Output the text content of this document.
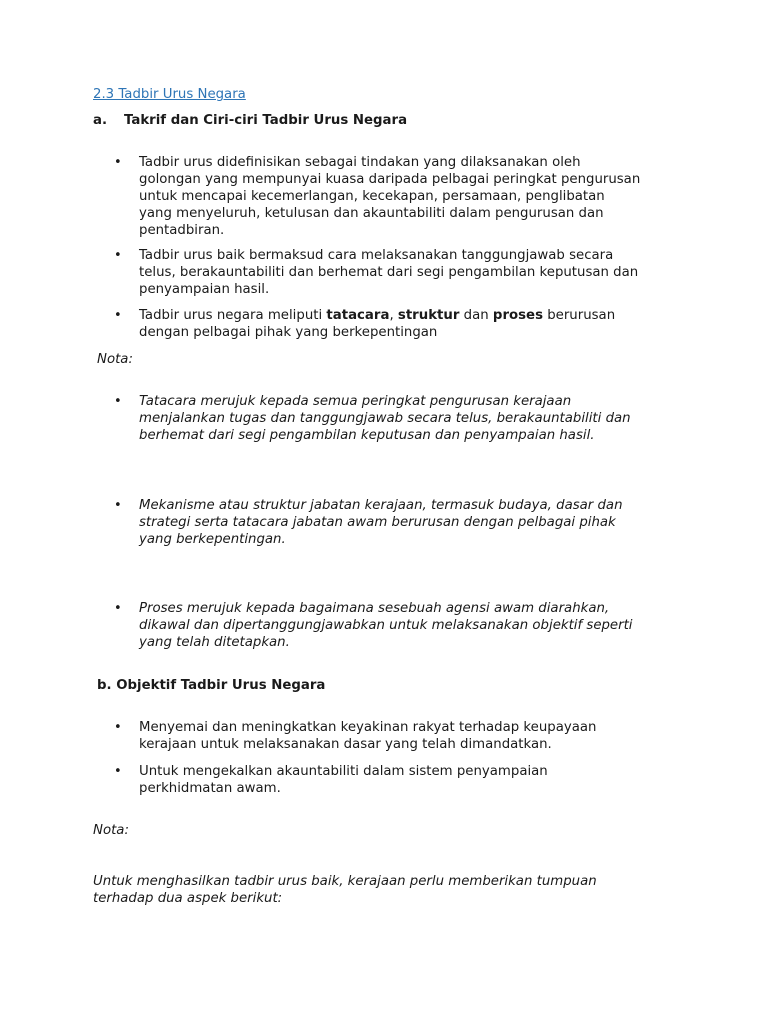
2.3 Tadbir Urus Negara
a. Takrif dan Ciri-ciri Tadbir Urus Negara
• Tadbir urus didefinisikan sebagai tindakan yang dilaksanakan oleh
golongan yang mempunyai kuasa daripada pelbagai peringkat pengurusan
untuk mencapai kecemerlangan, kecekapan, persamaan, penglibatan
yang menyeluruh, ketulusan dan akauntabiliti dalam pengurusan dan
pentadbiran.
• Tadbir urus baik bermaksud cara melaksanakan tanggungjawab secara
telus, berakauntabiliti dan berhemat dari segi pengambilan keputusan dan
penyampaian hasil.
• Tadbir urus negara meliputi tatacara, struktur dan proses berurusan
dengan pelbagai pihak yang berkepentingan
Nota:
• Tatacara merujuk kepada semua peringkat pengurusan kerajaan
menjalankan tugas dan tanggungjawab secara telus, berakauntabiliti dan
berhemat dari segi pengambilan keputusan dan penyampaian hasil.
• Mekanisme atau struktur jabatan kerajaan, termasuk budaya, dasar dan
strategi serta tatacara jabatan awam berurusan dengan pelbagai pihak
yang berkepentingan.
• Proses merujuk kepada bagaimana sesebuah agensi awam diarahkan,
dikawal dan dipertanggungjawabkan untuk melaksanakan objektif seperti
yang telah ditetapkan.
b. Objektif Tadbir Urus Negara
• Menyemai dan meningkatkan keyakinan rakyat terhadap keupayaan
kerajaan untuk melaksanakan dasar yang telah dimandatkan.
• Untuk mengekalkan akauntabiliti dalam sistem penyampaian
perkhidmatan awam.
Nota:
Untuk menghasilkan tadbir urus baik, kerajaan perlu memberikan tumpuan
terhadap dua aspek berikut:
